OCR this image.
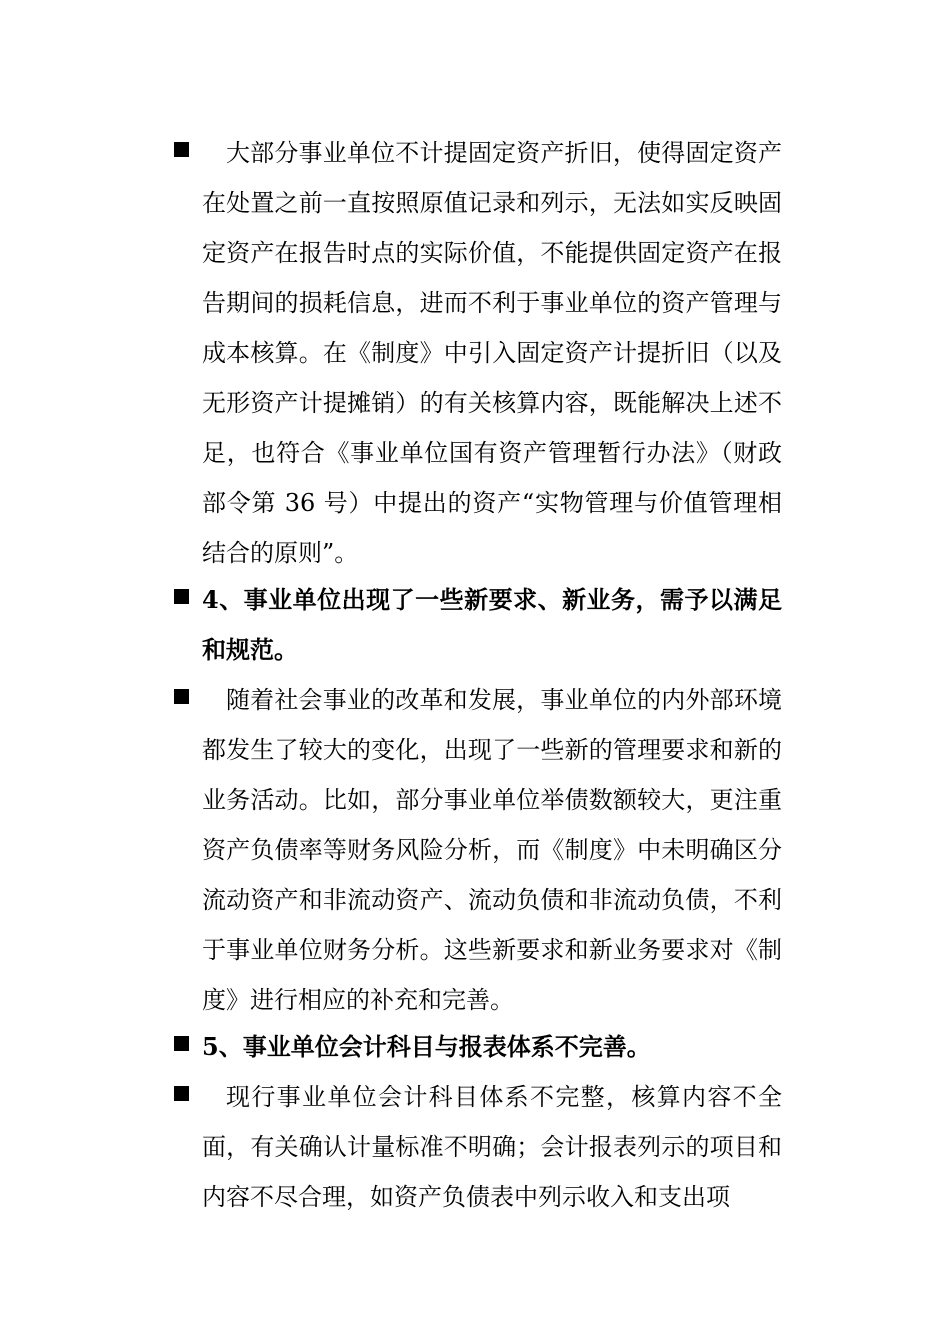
大部分事业单位不计提固定资产折旧，使得固定资产在处置之前一直按照原值记录和列示，无法如实反映固定资产在报告时点的实际价值，不能提供固定资产在报告期间的损耗信息，进而不利于事业单位的资产管理与成本核算。在《制度》中引入固定资产计提折旧（以及无形资产计提摊销）的有关核算内容，既能解决上述不足，也符合《事业单位国有资产管理暂行办法》（财政部令第 36 号）中提出的资产“实物管理与价值管理相结合的原则”。
4、事业单位出现了一些新要求、新业务，需予以满足和规范。
随着社会事业的改革和发展，事业单位的内外部环境都发生了较大的变化，出现了一些新的管理要求和新的业务活动。比如，部分事业单位举债数额较大，更注重资产负债率等财务风险分析，而《制度》中未明确区分流动资产和非流动资产、流动负债和非流动负债，不利于事业单位财务分析。这些新要求和新业务要求对《制度》进行相应的补充和完善。
5、事业单位会计科目与报表体系不完善。
现行事业单位会计科目体系不完整，核算内容不全面，有关确认计量标准不明确；会计报表列示的项目和内容不尽合理，如资产负债表中列示收入和支出项
